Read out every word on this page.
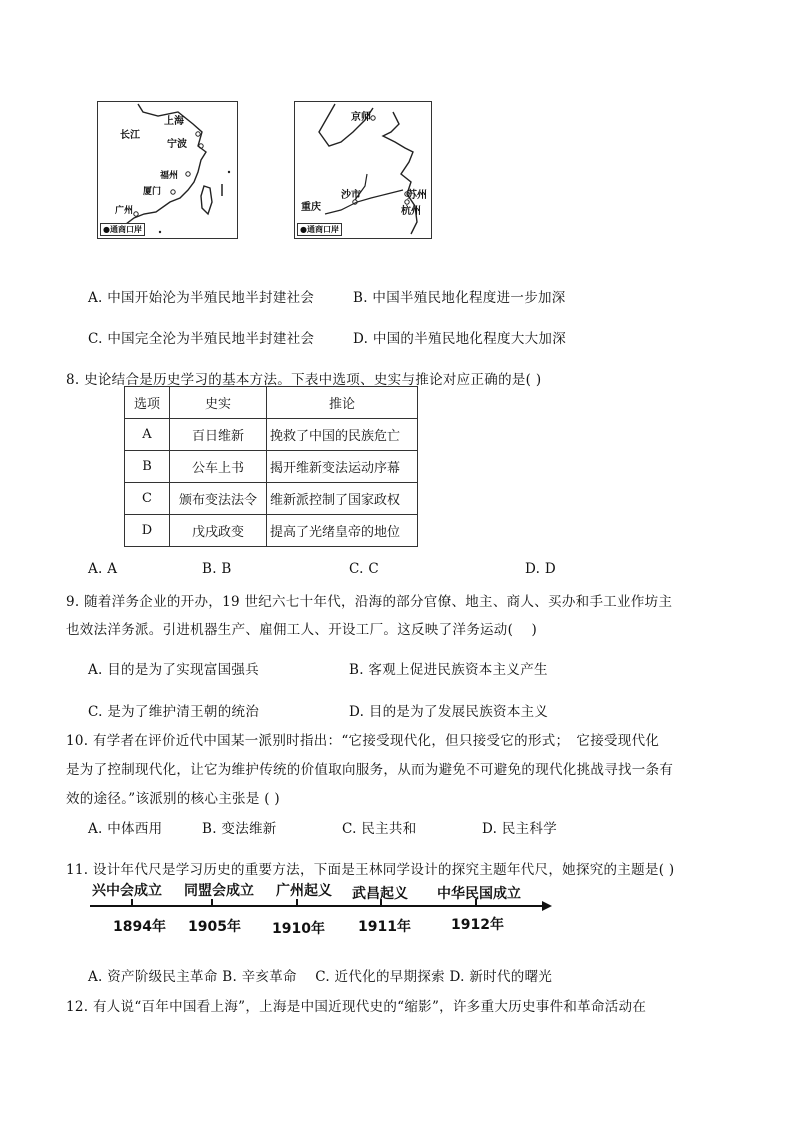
上海
长江
宁波
福州
厦门
广州
●通商口岸
京师
沙市	苏州
重庆	杭州
●通商口岸
A. 中国开始沦为半殖民地半封建社会	B. 中国半殖民地化程度进一步加深
C. 中国完全沦为半殖民地半封建社会	D. 中国的半殖民地化程度大大加深
8. 史论结合是历史学习的基本方法。下表中选项、史实与推论对应正确的是( )
选项	史实	推论
A	百日维新	挽救了中国的民族危亡
B	公车上书	揭开维新变法运动序幕
C	颁布变法法令	维新派控制了国家政权
D	戊戌政变	提高了光绪皇帝的地位
A. A	B. B	C. C	D. D
9. 随着洋务企业的开办，19 世纪六七十年代，沿海的部分官僚、地主、商人、买办和手工业作坊主
也效法洋务派。引进机器生产、雇佣工人、开设工厂。这反映了洋务运动(　 )
A. 目的是为了实现富国强兵	B. 客观上促进民族资本主义产生
C. 是为了维护清王朝的统治	D. 目的是为了发展民族资本主义
10. 有学者在评价近代中国某一派别时指出：“它接受现代化，但只接受它的形式；　它接受现代化
是为了控制现代化，让它为维护传统的价值取向服务，从而为避免不可避免的现代化挑战寻找一条有
效的途径。”该派别的核心主张是 ( )
A. 中体西用	B. 变法维新	C. 民主共和	D. 民主科学
11. 设计年代尺是学习历史的重要方法，下面是王林同学设计的探究主题年代尺，她探究的主题是( )
兴中会成立 同盟会成立 广州起义 武昌起义 中华民国成立
1894年 1905年 1910年 1911年	1912年
A. 资产阶级民主革命 B. 辛亥革命　 C. 近代化的早期探索 D. 新时代的曙光
12. 有人说“百年中国看上海”，上海是中国近现代史的“缩影”，许多重大历史事件和革命活动在
